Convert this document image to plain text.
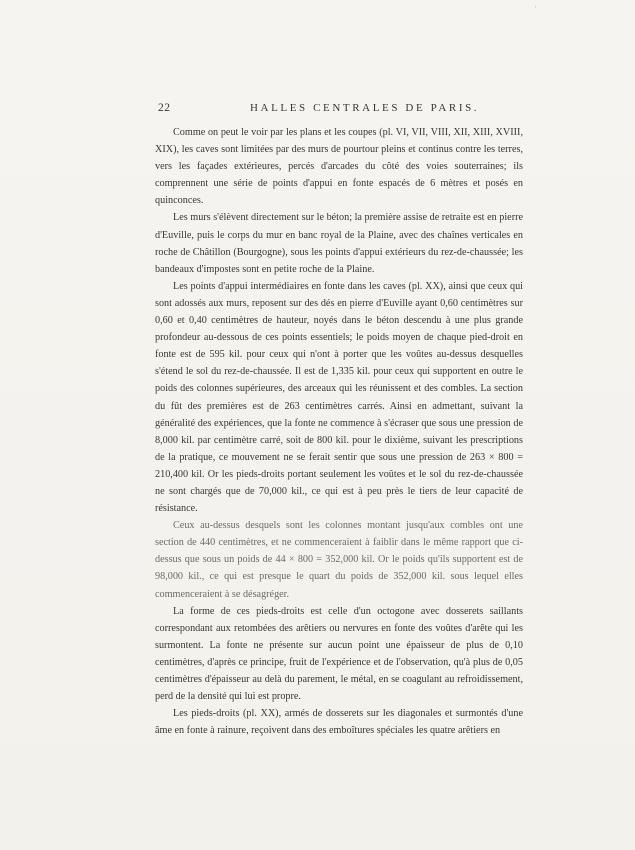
·
22	HALLES CENTRALES DE PARIS.

Comme on peut le voir par les plans et les coupes (pl. VI, VII, VIII, XII, XIII, XVIII, XIX), les caves sont limitées par des murs de pourtour pleins et continus contre les terres, vers les façades extérieures, percés d'arcades du côté des voies souterraines; ils comprennent une série de points d'appui en fonte espacés de 6 mètres et posés en quinconces.

Les murs s'élèvent directement sur le béton; la première assise de retraite est en pierre d'Euville, puis le corps du mur en banc royal de la Plaine, avec des chaînes verticales en roche de Châtillon (Bourgogne), sous les points d'appui extérieurs du rez-de-chaussée; les bandeaux d'impostes sont en petite roche de la Plaine.

Les points d'appui intermédiaires en fonte dans les caves (pl. XX), ainsi que ceux qui sont adossés aux murs, reposent sur des dés en pierre d'Euville ayant 0,60 centimètres sur 0,60 et 0,40 centimètres de hauteur, noyés dans le béton descendu à une plus grande profondeur au-dessous de ces points essentiels; le poids moyen de chaque pied-droit en fonte est de 595 kil. pour ceux qui n'ont à porter que les voûtes au-dessus desquelles s'étend le sol du rez-de-chaussée. Il est de 1,335 kil. pour ceux qui supportent en outre le poids des colonnes supérieures, des arceaux qui les réunissent et des combles. La section du fût des premières est de 263 centimètres carrés. Ainsi en admettant, suivant la généralité des expériences, que la fonte ne commence à s'écraser que sous une pression de 8,000 kil. par centimètre carré, soit de 800 kil. pour le dixième, suivant les prescriptions de la pratique, ce mouvement ne se ferait sentir que sous une pression de 263 × 800 = 210,400 kil. Or les pieds-droits portant seulement les voûtes et le sol du rez-de-chaussée ne sont chargés que de 70,000 kil., ce qui est à peu près le tiers de leur capacité de résistance.

Ceux au-dessus desquels sont les colonnes montant jusqu'aux combles ont une section de 440 centimètres, et ne commenceraient à faiblir dans le même rapport que ci-dessus que sous un poids de 44 × 800 = 352,000 kil. Or le poids qu'ils supportent est de 98,000 kil., ce qui est presque le quart du poids de 352,000 kil. sous lequel elles commenceraient à se désagréger.

La forme de ces pieds-droits est celle d'un octogone avec dosserets saillants correspondant aux retombées des arêtiers ou nervures en fonte des voûtes d'arête qui les surmontent. La fonte ne présente sur aucun point une épaisseur de plus de 0,10 centimètres, d'après ce principe, fruit de l'expérience et de l'observation, qu'à plus de 0,05 centimètres d'épaisseur au delà du parement, le métal, en se coagulant au refroidissement, perd de la densité qui lui est propre.

Les pieds-droits (pl. XX), armés de dosserets sur les diagonales et surmontés d'une âme en fonte à rainure, reçoivent dans des emboîtures spéciales les quatre arêtiers en
